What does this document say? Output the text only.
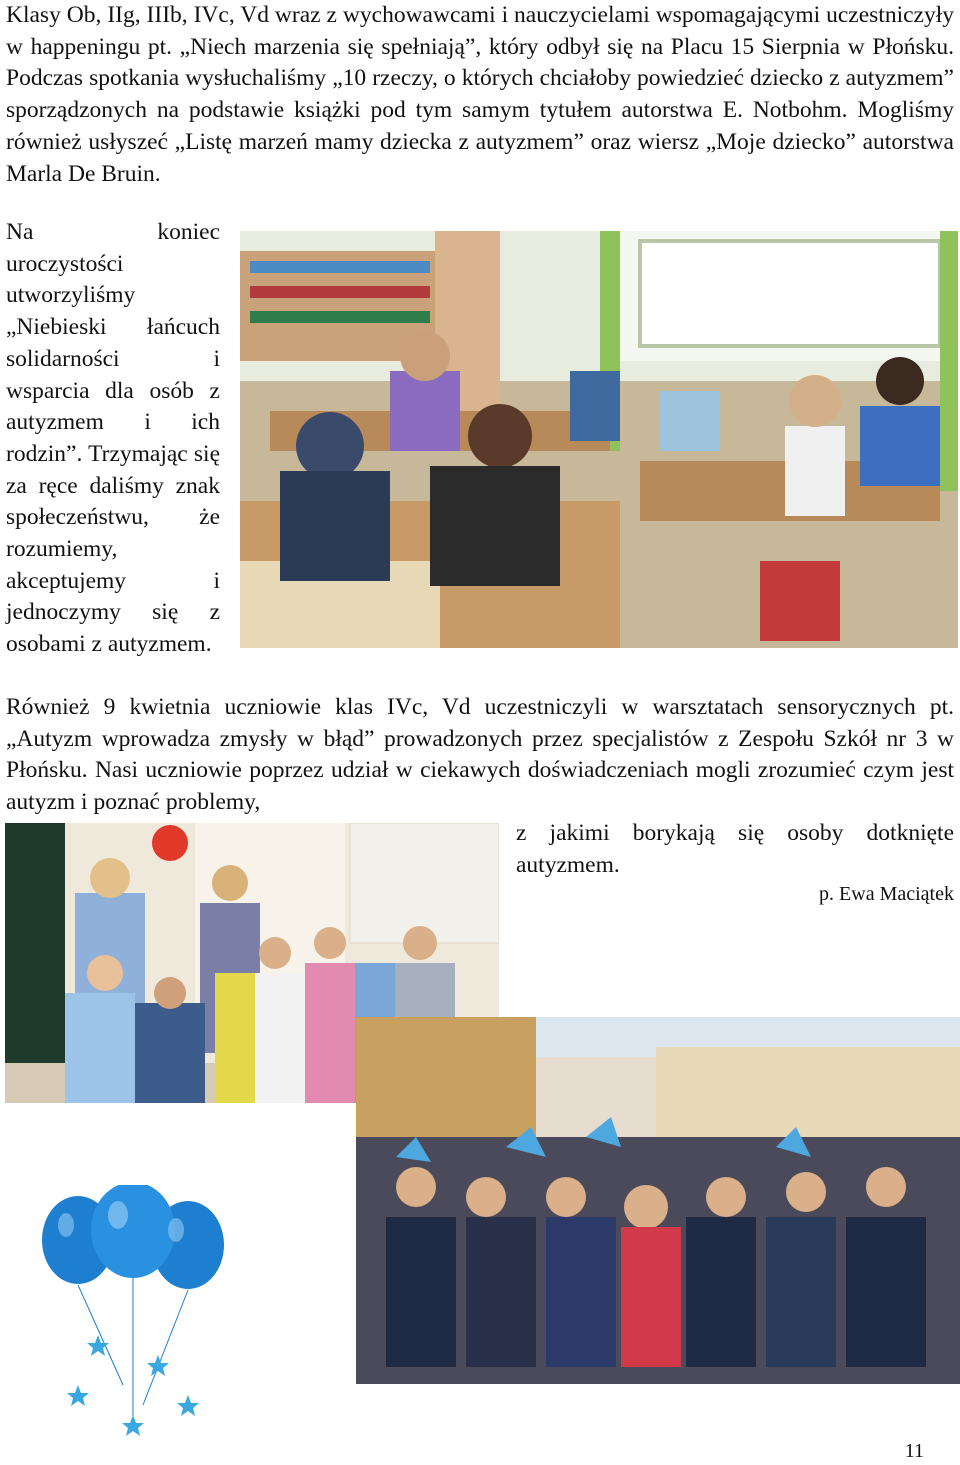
Klasy Ob, IIg, IIIb, IVc, Vd wraz z wychowawcami i nauczycielami wspomagającymi uczestniczyły w happeningu pt. „Niech marzenia się spełniają”, który odbył się na Placu 15 Sierpnia w Płońsku. Podczas spotkania wysłuchaliśmy „10 rzeczy, o których chciałoby powiedzieć dziecko z autyzmem” sporządzonych na podstawie książki pod tym samym tytułem autorstwa E. Notbohm. Mogliśmy również usłyszeć „Listę marzeń mamy dziecka z autyzmem” oraz wiersz „Moje dziecko” autorstwa Marla De Bruin.
Na koniec uroczystości utworzyliśmy „Niebieski łańcuch solidarności i wsparcia dla osób z autyzmem i ich rodzin”. Trzymając się za ręce daliśmy znak społeczeństwu, że rozumiemy, akceptujemy i jednoczymy się z osobami z autyzmem.
Również 9 kwietnia uczniowie klas IVc, Vd uczestniczyli w warsztatach sensorycznych pt. „Autyzm wprowadza zmysły w błąd” prowadzonych przez specjalistów z Zespołu Szkół nr 3 w Płońsku. Nasi uczniowie poprzez udział w ciekawych doświadczeniach mogli zrozumieć czym jest autyzm i poznać problemy,
z jakimi borykają się osoby dotknięte autyzmem.
p. Ewa Maciątek
11
